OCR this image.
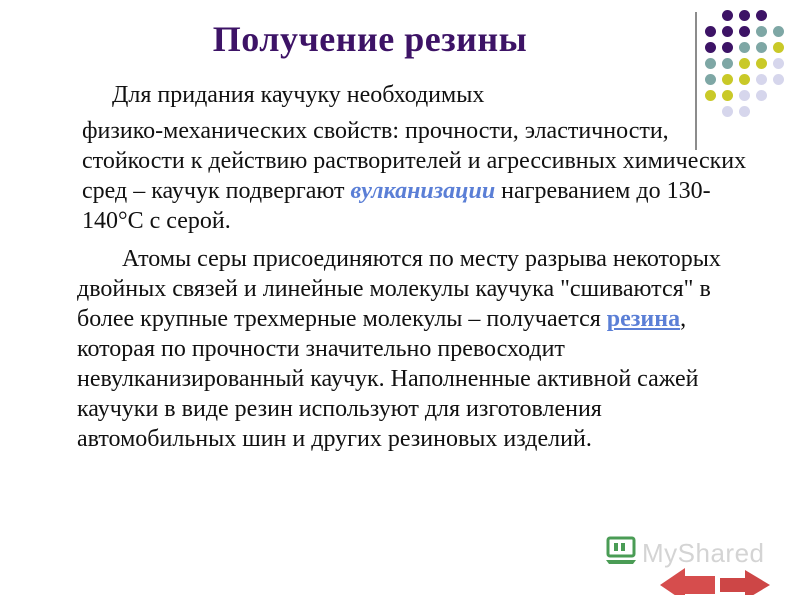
Получение резины
Для придания каучуку необходимых
физико-механических свойств: прочности, эластичности, стойкости к действию растворителей и агрессивных химических сред – каучук подвергают вулканизации нагреванием до 130-140°С с серой.
Атомы серы присоединяются по месту разрыва некоторых двойных связей и линейные молекулы каучука "сшиваются" в более крупные трехмерные молекулы – получается резина, которая по прочности значительно превосходит невулканизированный каучук. Наполненные активной сажей каучуки в виде резин используют для изготовления автомобильных шин и других резиновых изделий.
MyShared
